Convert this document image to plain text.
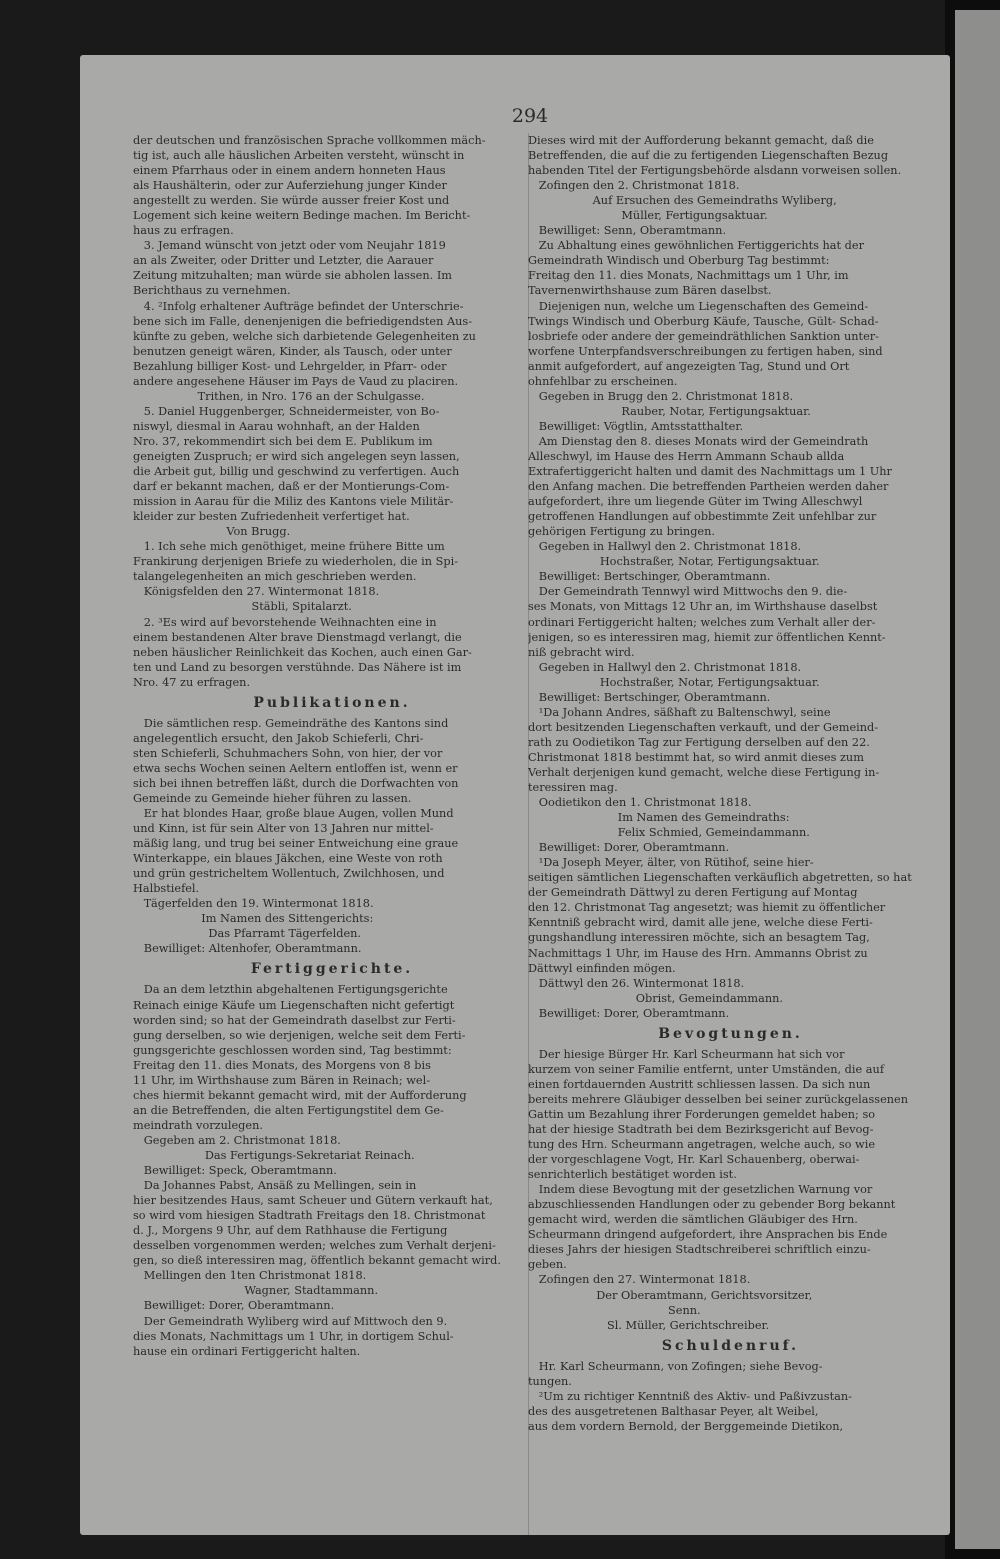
294
der deutschen und französischen Sprache vollkommen mäch-
tig ist, auch alle häuslichen Arbeiten versteht, wünscht in
einem Pfarrhaus oder in einem andern honneten Haus
als Haushälterin, oder zur Auferziehung junger Kinder
angestellt zu werden. Sie würde ausser freier Kost und
Logement sich keine weitern Bedinge machen. Im Bericht-
haus zu erfragen.
3. Jemand wünscht von jetzt oder vom Neujahr 1819
an als Zweiter, oder Dritter und Letzter, die Aarauer
Zeitung mitzuhalten; man würde sie abholen lassen. Im
Berichthaus zu vernehmen.
4. ²Infolg erhaltener Aufträge befindet der Unterschrie-
bene sich im Falle, denenjenigen die befriedigendsten Aus-
künfte zu geben, welche sich darbietende Gelegenheiten zu
benutzen geneigt wären, Kinder, als Tausch, oder unter
Bezahlung billiger Kost- und Lehrgelder, in Pfarr- oder
andere angesehene Häuser im Pays de Vaud zu placiren.
Trithen, in Nro. 176 an der Schulgasse.
5. Daniel Huggenberger, Schneidermeister, von Bo-
niswyl, diesmal in Aarau wohnhaft, an der Halden
Nro. 37, rekommendirt sich bei dem E. Publikum im
geneigten Zuspruch; er wird sich angelegen seyn lassen,
die Arbeit gut, billig und geschwind zu verfertigen. Auch
darf er bekannt machen, daß er der Montierungs-Com-
mission in Aarau für die Miliz des Kantons viele Militär-
kleider zur besten Zufriedenheit verfertiget hat.
Von Brugg.
1. Ich sehe mich genöthiget, meine frühere Bitte um
Frankirung derjenigen Briefe zu wiederholen, die in Spi-
talangelegenheiten an mich geschrieben werden.
Königsfelden den 27. Wintermonat 1818.
Stäbli, Spitalarzt.
2. ³Es wird auf bevorstehende Weihnachten eine in
einem bestandenen Alter brave Dienstmagd verlangt, die
neben häuslicher Reinlichkeit das Kochen, auch einen Gar-
ten und Land zu besorgen verstühnde. Das Nähere ist im
Nro. 47 zu erfragen.
Publikationen.
Die sämtlichen resp. Gemeindräthe des Kantons sind
angelegentlich ersucht, den Jakob Schieferli, Chri-
sten Schieferli, Schuhmachers Sohn, von hier, der vor
etwa sechs Wochen seinen Aeltern entloffen ist, wenn er
sich bei ihnen betreffen läßt, durch die Dorfwachten von
Gemeinde zu Gemeinde hieher führen zu lassen.
Er hat blondes Haar, große blaue Augen, vollen Mund
und Kinn, ist für sein Alter von 13 Jahren nur mittel-
mäßig lang, und trug bei seiner Entweichung eine graue
Winterkappe, ein blaues Jäkchen, eine Weste von roth
und grün gestricheltem Wollentuch, Zwilchhosen, und
Halbstiefel.
Tägerfelden den 19. Wintermonat 1818.
Im Namen des Sittengerichts:
Das Pfarramt Tägerfelden.
Bewilliget: Altenhofer, Oberamtmann.
Fertiggerichte.
Da an dem letzthin abgehaltenen Fertigungsgerichte
Reinach einige Käufe um Liegenschaften nicht gefertigt
worden sind; so hat der Gemeindrath daselbst zur Ferti-
gung derselben, so wie derjenigen, welche seit dem Ferti-
gungsgerichte geschlossen worden sind, Tag bestimmt:
Freitag den 11. dies Monats, des Morgens von 8 bis
11 Uhr, im Wirthshause zum Bären in Reinach; wel-
ches hiermit bekannt gemacht wird, mit der Aufforderung
an die Betreffenden, die alten Fertigungstitel dem Ge-
meindrath vorzulegen.
Gegeben am 2. Christmonat 1818.
Das Fertigungs-Sekretariat Reinach.
Bewilliget: Speck, Oberamtmann.
Da Johannes Pabst, Ansäß zu Mellingen, sein in
hier besitzendes Haus, samt Scheuer und Gütern verkauft hat,
so wird vom hiesigen Stadtrath Freitags den 18. Christmonat
d. J., Morgens 9 Uhr, auf dem Rathhause die Fertigung
desselben vorgenommen werden; welches zum Verhalt derjeni-
gen, so dieß interessiren mag, öffentlich bekannt gemacht wird.
Mellingen den 1ten Christmonat 1818.
Wagner, Stadtammann.
Bewilliget: Dorer, Oberamtmann.
Der Gemeindrath Wyliberg wird auf Mittwoch den 9.
dies Monats, Nachmittags um 1 Uhr, in dortigem Schul-
hause ein ordinari Fertiggericht halten.
Dieses wird mit der Aufforderung bekannt gemacht, daß die
Betreffenden, die auf die zu fertigenden Liegenschaften Bezug
habenden Titel der Fertigungsbehörde alsdann vorweisen sollen.
Zofingen den 2. Christmonat 1818.
Auf Ersuchen des Gemeindraths Wyliberg,
Müller, Fertigungsaktuar.
Bewilliget: Senn, Oberamtmann.
Zu Abhaltung eines gewöhnlichen Fertiggerichts hat der
Gemeindrath Windisch und Oberburg Tag bestimmt:
Freitag den 11. dies Monats, Nachmittags um 1 Uhr, im
Tavernenwirthshause zum Bären daselbst.
Diejenigen nun, welche um Liegenschaften des Gemeind-
Twings Windisch und Oberburg Käufe, Tausche, Gült- Schad-
losbriefe oder andere der gemeindräthlichen Sanktion unter-
worfene Unterpfandsverschreibungen zu fertigen haben, sind
anmit aufgefordert, auf angezeigten Tag, Stund und Ort
ohnfehlbar zu erscheinen.
Gegeben in Brugg den 2. Christmonat 1818.
Rauber, Notar, Fertigungsaktuar.
Bewilliget: Vögtlin, Amtsstatthalter.
Am Dienstag den 8. dieses Monats wird der Gemeindrath
Alleschwyl, im Hause des Herrn Ammann Schaub allda
Extrafertiggericht halten und damit des Nachmittags um 1 Uhr
den Anfang machen. Die betreffenden Partheien werden daher
aufgefordert, ihre um liegende Güter im Twing Alleschwyl
getroffenen Handlungen auf obbestimmte Zeit unfehlbar zur
gehörigen Fertigung zu bringen.
Gegeben in Hallwyl den 2. Christmonat 1818.
Hochstraßer, Notar, Fertigungsaktuar.
Bewilliget: Bertschinger, Oberamtmann.
Der Gemeindrath Tennwyl wird Mittwochs den 9. die-
ses Monats, von Mittags 12 Uhr an, im Wirthshause daselbst
ordinari Fertiggericht halten; welches zum Verhalt aller der-
jenigen, so es interessiren mag, hiemit zur öffentlichen Kennt-
niß gebracht wird.
Gegeben in Hallwyl den 2. Christmonat 1818.
Hochstraßer, Notar, Fertigungsaktuar.
Bewilliget: Bertschinger, Oberamtmann.
¹Da Johann Andres, säßhaft zu Baltenschwyl, seine
dort besitzenden Liegenschaften verkauft, und der Gemeind-
rath zu Oodietikon Tag zur Fertigung derselben auf den 22.
Christmonat 1818 bestimmt hat, so wird anmit dieses zum
Verhalt derjenigen kund gemacht, welche diese Fertigung in-
teressiren mag.
Oodietikon den 1. Christmonat 1818.
Im Namen des Gemeindraths:
Felix Schmied, Gemeindammann.
Bewilliget: Dorer, Oberamtmann.
¹Da Joseph Meyer, älter, von Rütihof, seine hier-
seitigen sämtlichen Liegenschaften verkäuflich abgetretten, so hat
der Gemeindrath Dättwyl zu deren Fertigung auf Montag
den 12. Christmonat Tag angesetzt; was hiemit zu öffentlicher
Kenntniß gebracht wird, damit alle jene, welche diese Ferti-
gungshandlung interessiren möchte, sich an besagtem Tag,
Nachmittags 1 Uhr, im Hause des Hrn. Ammanns Obrist zu
Dättwyl einfinden mögen.
Dättwyl den 26. Wintermonat 1818.
Obrist, Gemeindammann.
Bewilliget: Dorer, Oberamtmann.
Bevogtungen.
Der hiesige Bürger Hr. Karl Scheurmann hat sich vor
kurzem von seiner Familie entfernt, unter Umständen, die auf
einen fortdauernden Austritt schliessen lassen. Da sich nun
bereits mehrere Gläubiger desselben bei seiner zurückgelassenen
Gattin um Bezahlung ihrer Forderungen gemeldet haben; so
hat der hiesige Stadtrath bei dem Bezirksgericht auf Bevog-
tung des Hrn. Scheurmann angetragen, welche auch, so wie
der vorgeschlagene Vogt, Hr. Karl Schauenberg, oberwai-
senrichterlich bestätiget worden ist.
Indem diese Bevogtung mit der gesetzlichen Warnung vor
abzuschliessenden Handlungen oder zu gebender Borg bekannt
gemacht wird, werden die sämtlichen Gläubiger des Hrn.
Scheurmann dringend aufgefordert, ihre Ansprachen bis Ende
dieses Jahrs der hiesigen Stadtschreiberei schriftlich einzu-
geben.
Zofingen den 27. Wintermonat 1818.
Der Oberamtmann, Gerichtsvorsitzer,
Senn.
Sl. Müller, Gerichtschreiber.
Schuldenruf.
Hr. Karl Scheurmann, von Zofingen; siehe Bevog-
tungen.
²Um zu richtiger Kenntniß des Aktiv- und Paßivzustan-
des des ausgetretenen Balthasar Peyer, alt Weibel,
aus dem vordern Bernold, der Berggemeinde Dietikon,
